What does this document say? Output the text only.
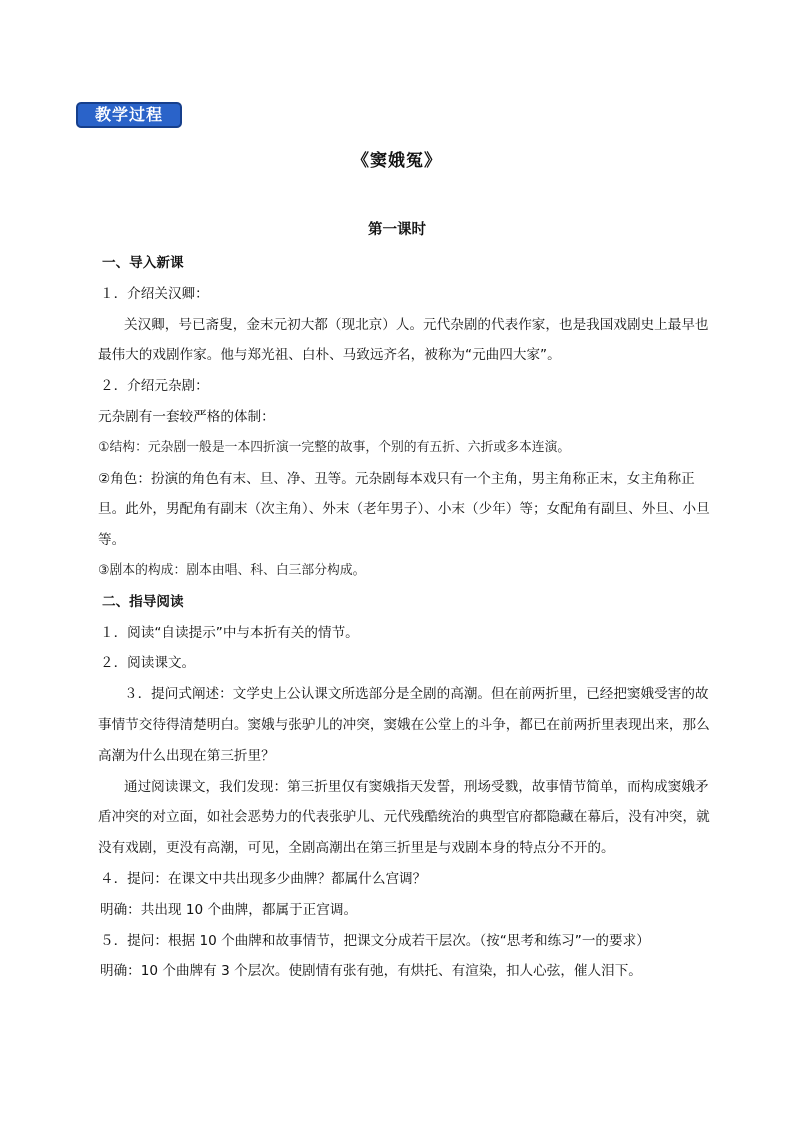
教学过程
《窦娥冤》
第一课时

一、导入新课

１．介绍关汉卿：

关汉卿，号已斋叟，金末元初大都（现北京）人。元代杂剧的代表作家，也是我国戏剧史上最早也最伟大的戏剧作家。他与郑光祖、白朴、马致远齐名，被称为“元曲四大家”。

２．介绍元杂剧：

元杂剧有一套较严格的体制：

①结构：元杂剧一般是一本四折演一完整的故事，个别的有五折、六折或多本连演。

②角色：扮演的角色有末、旦、净、丑等。元杂剧每本戏只有一个主角，男主角称正末，女主角称正旦。此外，男配角有副末（次主角）、外末（老年男子）、小末（少年）等；女配角有副旦、外旦、小旦等。

③剧本的构成：剧本由唱、科、白三部分构成。

二、指导阅读

１．阅读“自读提示”中与本折有关的情节。

２．阅读课文。

３．提问式阐述：文学史上公认课文所选部分是全剧的高潮。但在前两折里，已经把窦娥受害的故事情节交待得清楚明白。窦娥与张驴儿的冲突，窦娥在公堂上的斗争，都已在前两折里表现出来，那么高潮为什么出现在第三折里？

通过阅读课文，我们发现：第三折里仅有窦娥指天发誓，刑场受戮，故事情节简单，而构成窦娥矛盾冲突的对立面，如社会恶势力的代表张驴儿、元代残酷统治的典型官府都隐藏在幕后，没有冲突，就没有戏剧，更没有高潮，可见，全剧高潮出在第三折里是与戏剧本身的特点分不开的。

４．提问：在课文中共出现多少曲牌？都属什么宫调？

明确：共出现 10 个曲牌，都属于正宫调。

５．提问：根据 10 个曲牌和故事情节，把课文分成若干层次。（按“思考和练习”一的要求）

明确：10 个曲牌有 3 个层次。使剧情有张有弛，有烘托、有渲染，扣人心弦，催人泪下。
